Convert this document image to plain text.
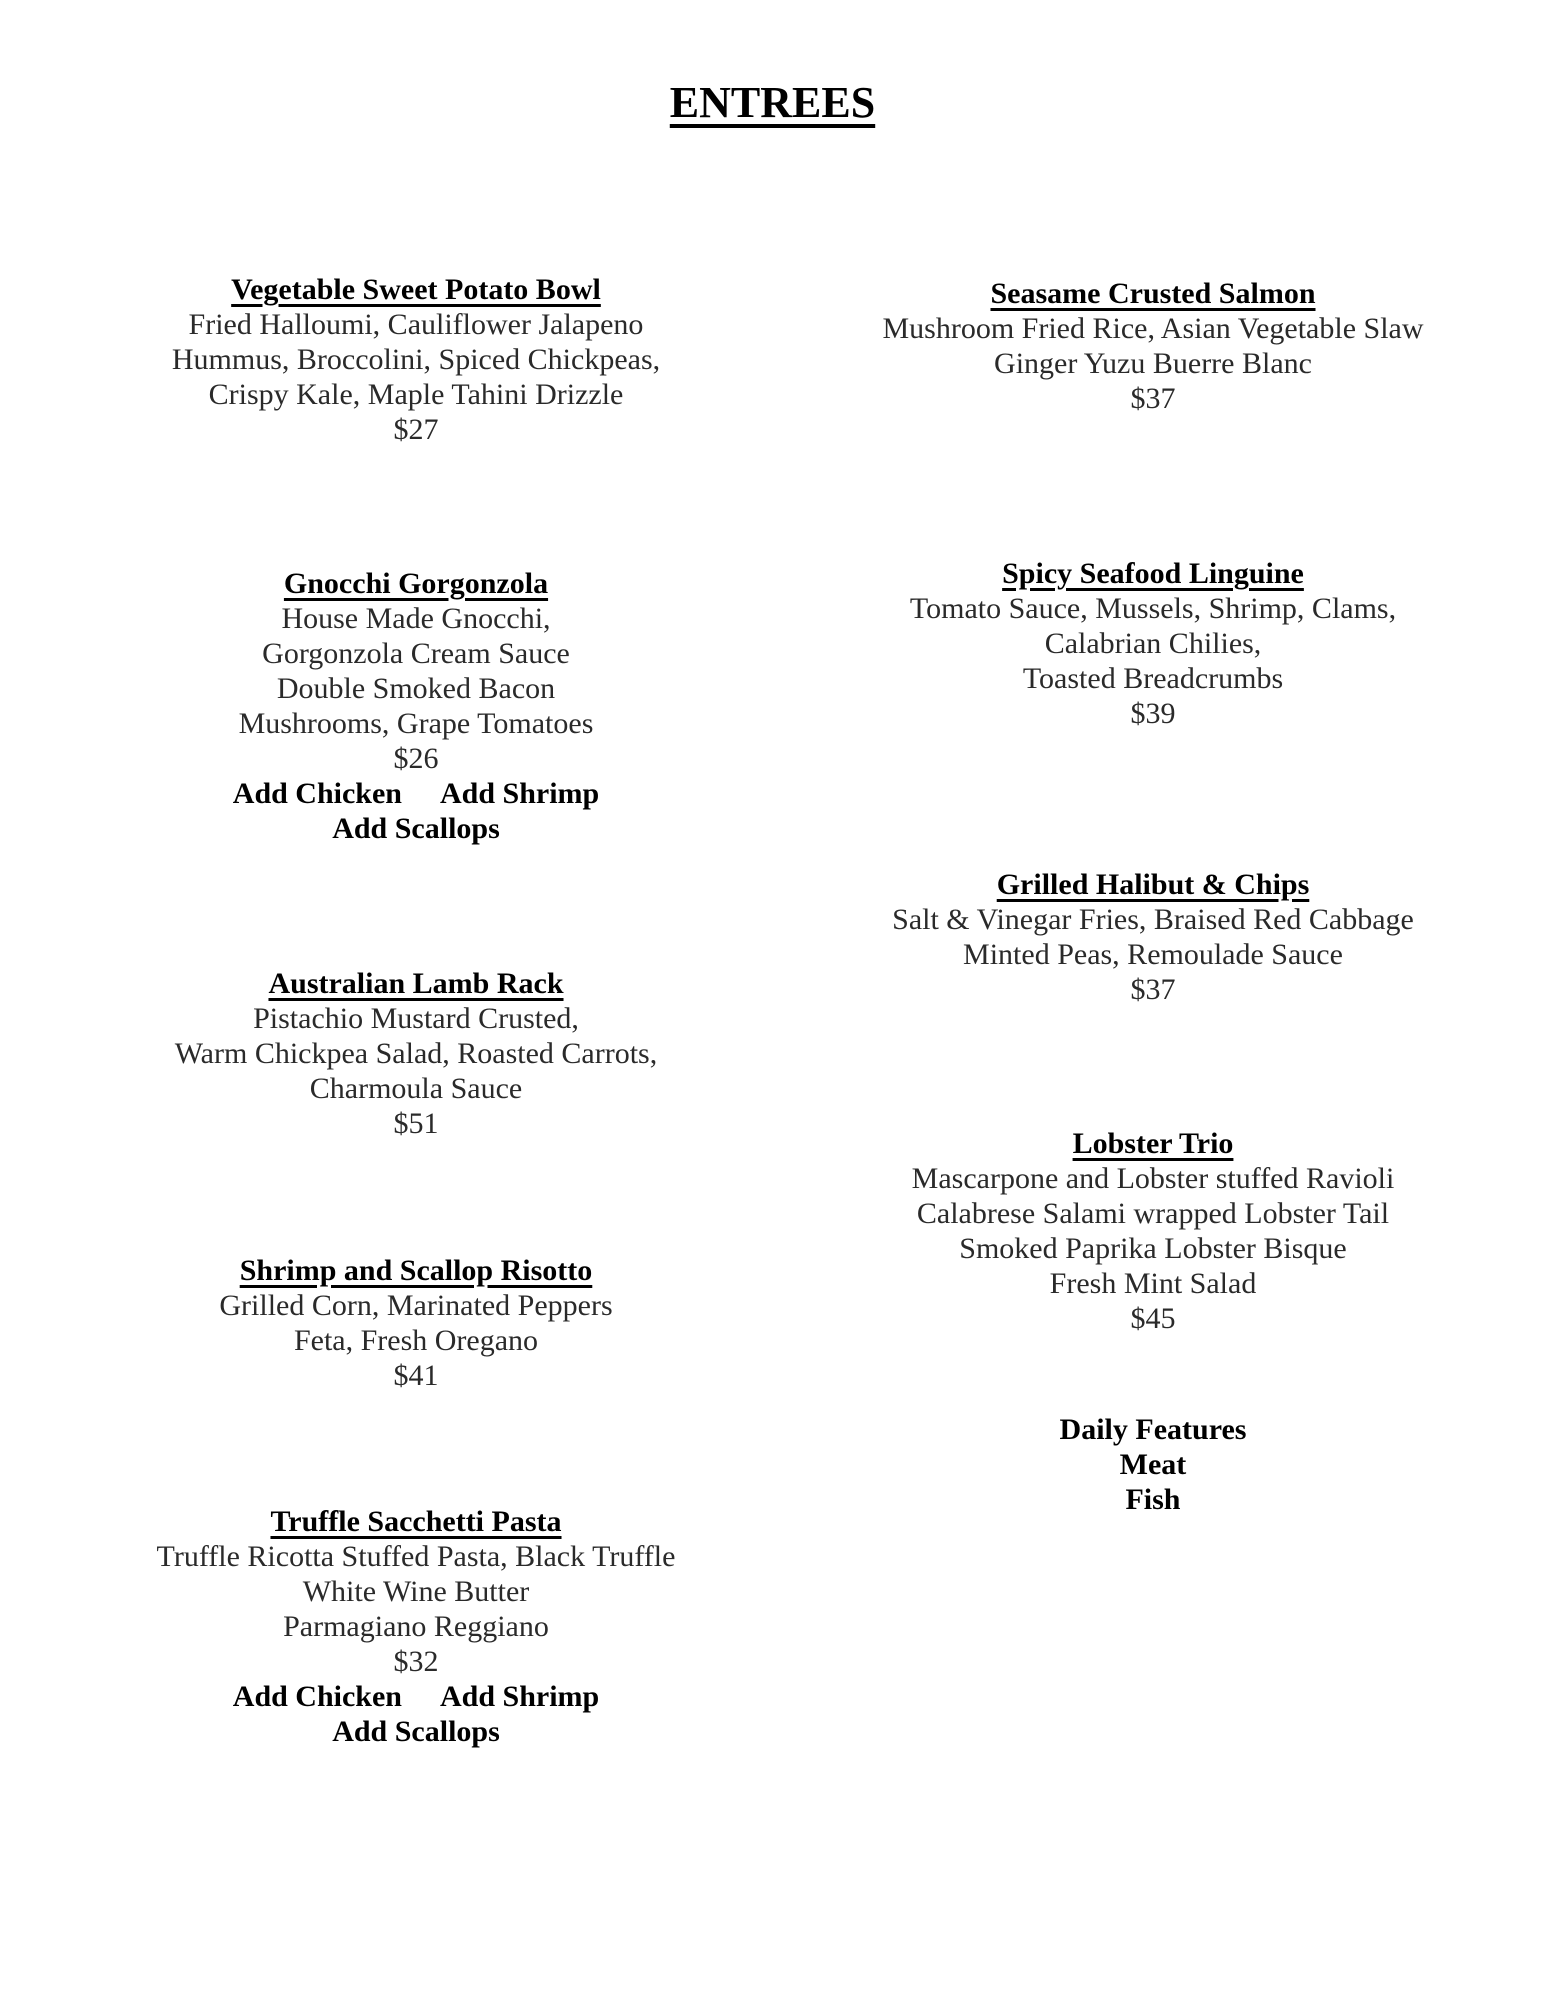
ENTREES
Vegetable Sweet Potato Bowl
Fried Halloumi, Cauliflower Jalapeno
Hummus, Broccolini, Spiced Chickpeas,
Crispy Kale, Maple Tahini Drizzle
$27
Gnocchi Gorgonzola
House Made Gnocchi,
Gorgonzola Cream Sauce
Double Smoked Bacon
Mushrooms, Grape Tomatoes
$26
Add Chicken Add Shrimp
Add Scallops
Australian Lamb Rack
Pistachio Mustard Crusted,
Warm Chickpea Salad, Roasted Carrots,
Charmoula Sauce
$51
Shrimp and Scallop Risotto
Grilled Corn, Marinated Peppers
Feta, Fresh Oregano
$41
Truffle Sacchetti Pasta
Truffle Ricotta Stuffed Pasta, Black Truffle
White Wine Butter
Parmagiano Reggiano
$32
Add Chicken Add Shrimp
Add Scallops
Seasame Crusted Salmon
Mushroom Fried Rice, Asian Vegetable Slaw
Ginger Yuzu Buerre Blanc
$37
Spicy Seafood Linguine
Tomato Sauce, Mussels, Shrimp, Clams,
Calabrian Chilies,
Toasted Breadcrumbs
$39
Grilled Halibut & Chips
Salt & Vinegar Fries, Braised Red Cabbage
Minted Peas, Remoulade Sauce
$37
Lobster Trio
Mascarpone and Lobster stuffed Ravioli
Calabrese Salami wrapped Lobster Tail
Smoked Paprika Lobster Bisque
Fresh Mint Salad
$45
Daily Features
Meat
Fish
